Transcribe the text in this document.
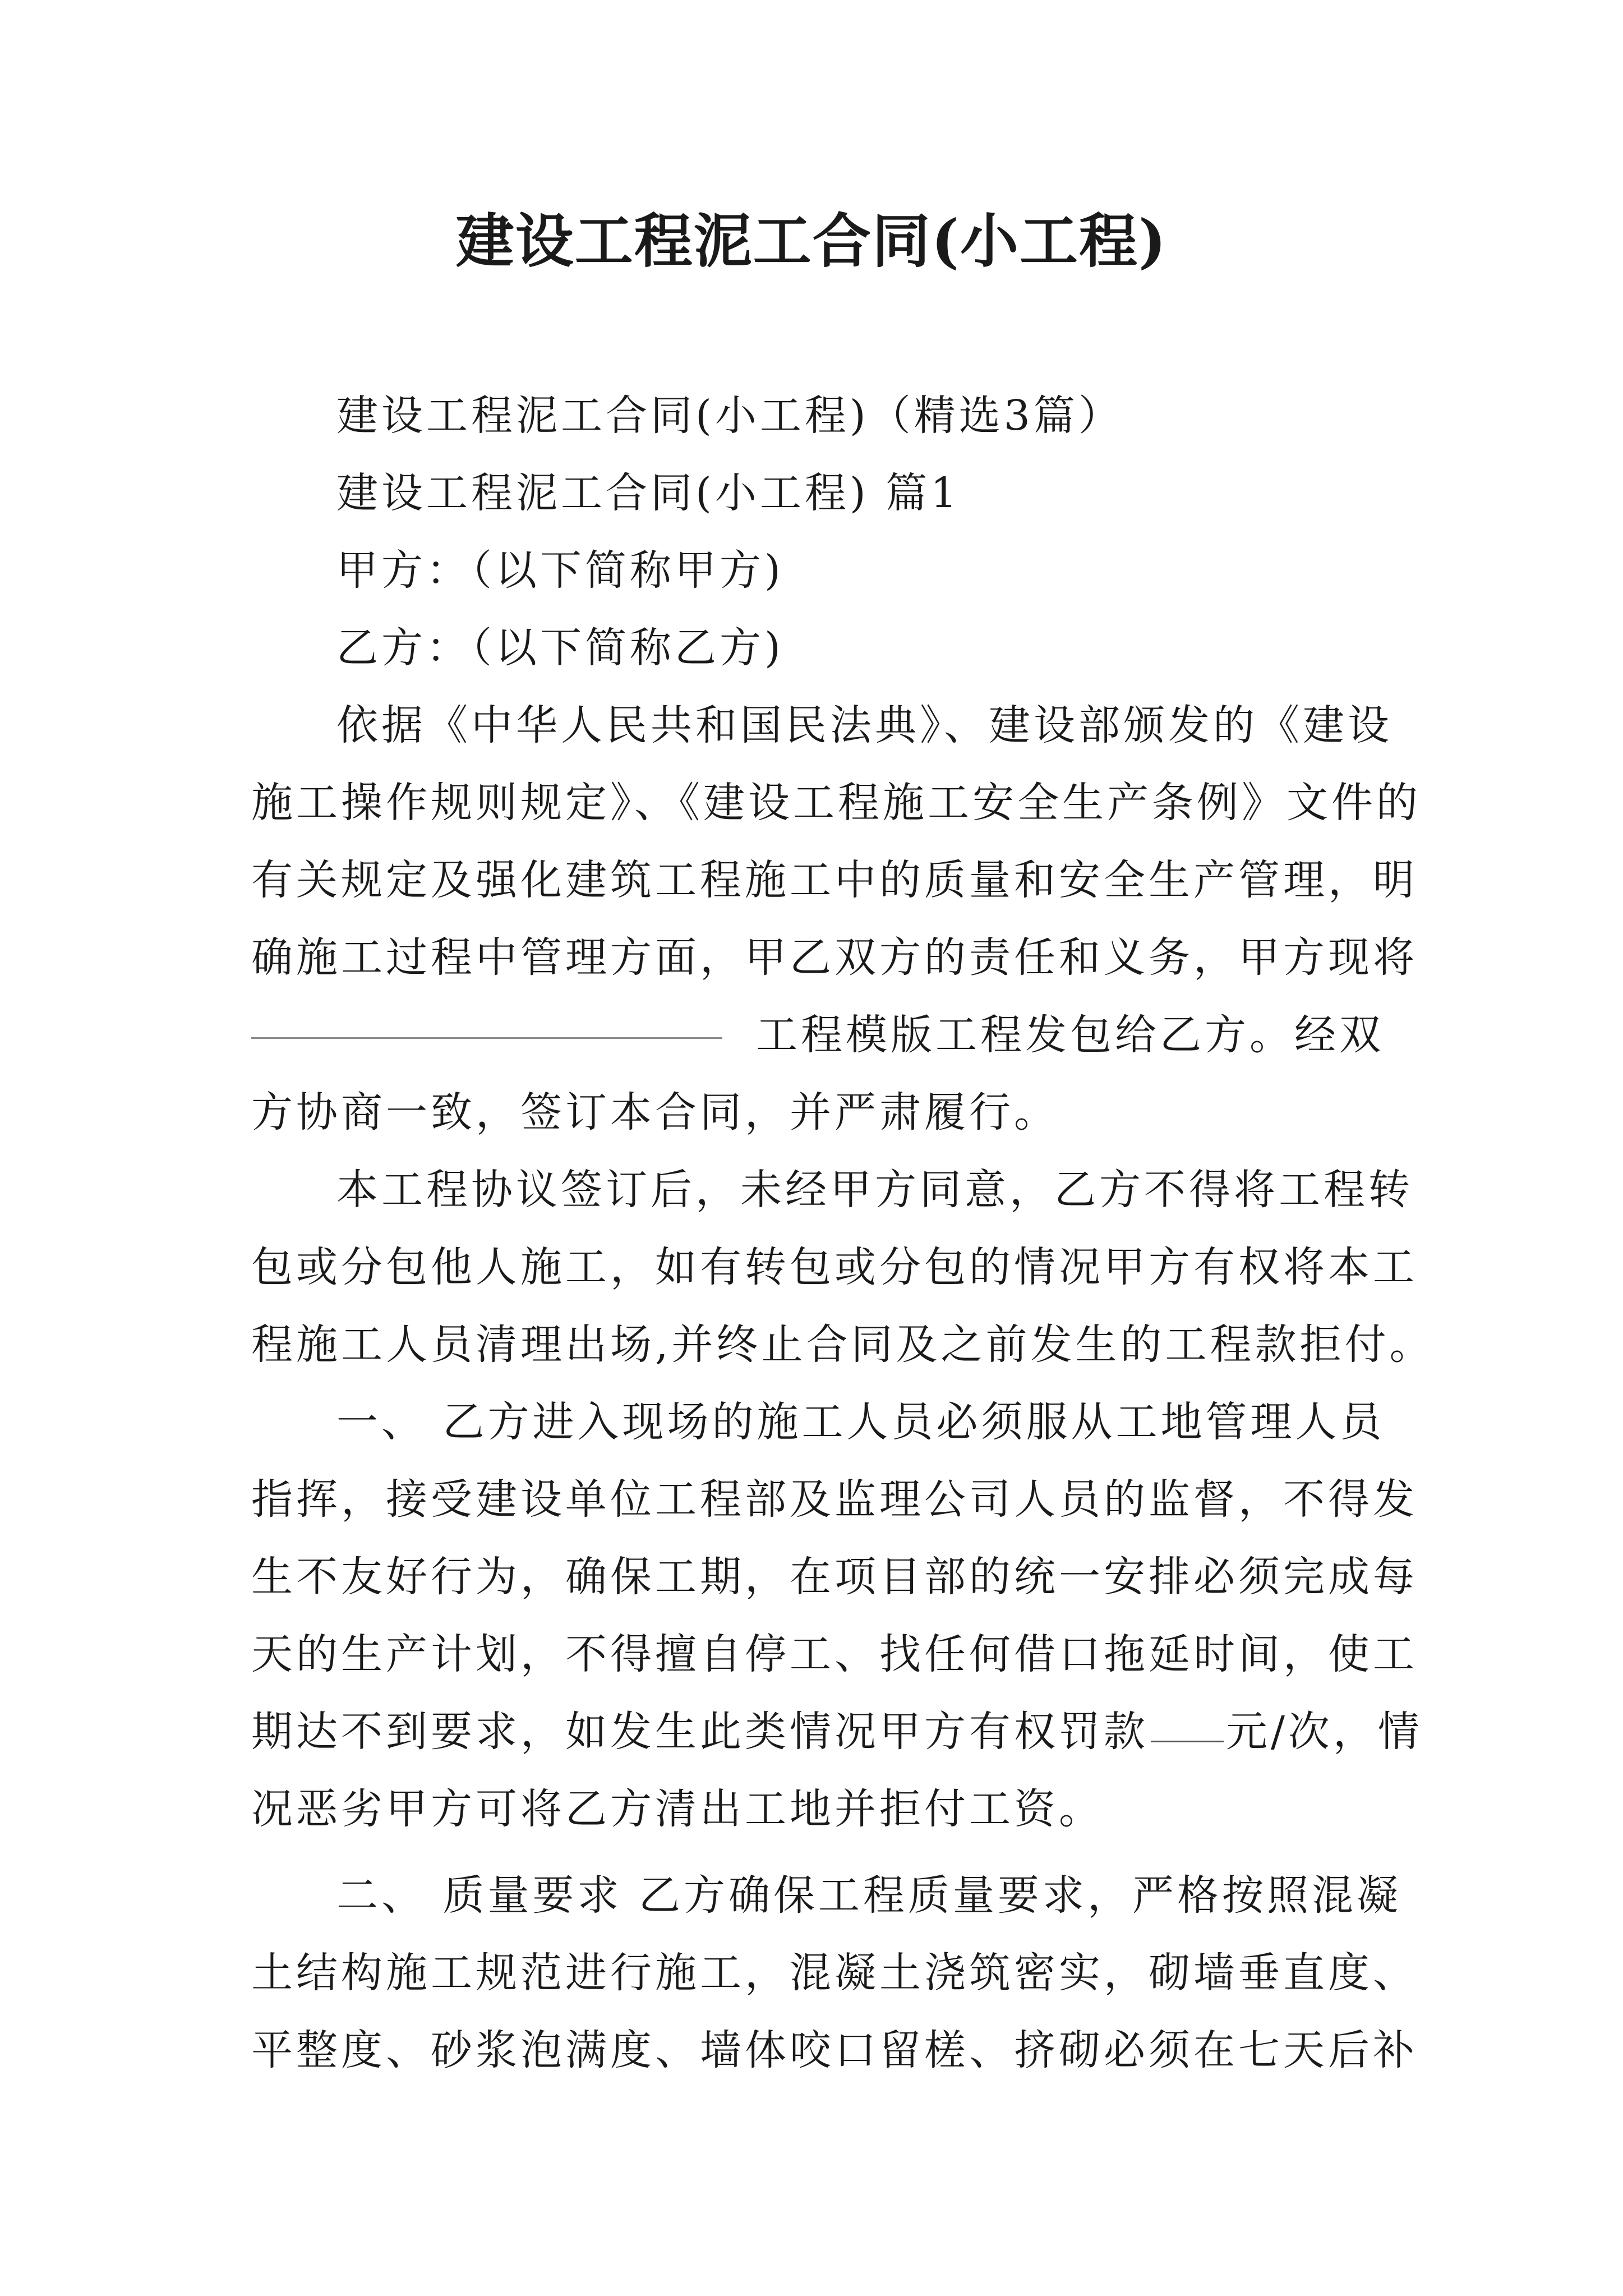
建设工程泥工合同(小工程)

建设工程泥工合同(小工程)（精选3篇）

建设工程泥工合同(小工程) 篇1

甲方：（以下简称甲方)

乙方：（以下简称乙方)

依据《中华人民共和国民法典》、建设部颁发的《建设

施工操作规则规定》、《建设工程施工安全生产条例》文件的

有关规定及强化建筑工程施工中的质量和安全生产管理，明

确施工过程中管理方面，甲乙双方的责任和义务，甲方现将

工程模版工程发包给乙方。经双

方协商一致，签订本合同，并严肃履行。

本工程协议签订后，未经甲方同意，乙方不得将工程转

包或分包他人施工，如有转包或分包的情况甲方有权将本工

程施工人员清理出场,并终止合同及之前发生的工程款拒付。

一、 乙方进入现场的施工人员必须服从工地管理人员

指挥，接受建设单位工程部及监理公司人员的监督，不得发

生不友好行为，确保工期，在项目部的统一安排必须完成每

天的生产计划，不得擅自停工、找任何借口拖延时间，使工

期达不到要求，如发生此类情况甲方有权罚款 元/次，情

况恶劣甲方可将乙方清出工地并拒付工资。

二、 质量要求 乙方确保工程质量要求，严格按照混凝

土结构施工规范进行施工，混凝土浇筑密实，砌墙垂直度、

平整度、砂浆泡满度、墙体咬口留槎、挤砌必须在七天后补
